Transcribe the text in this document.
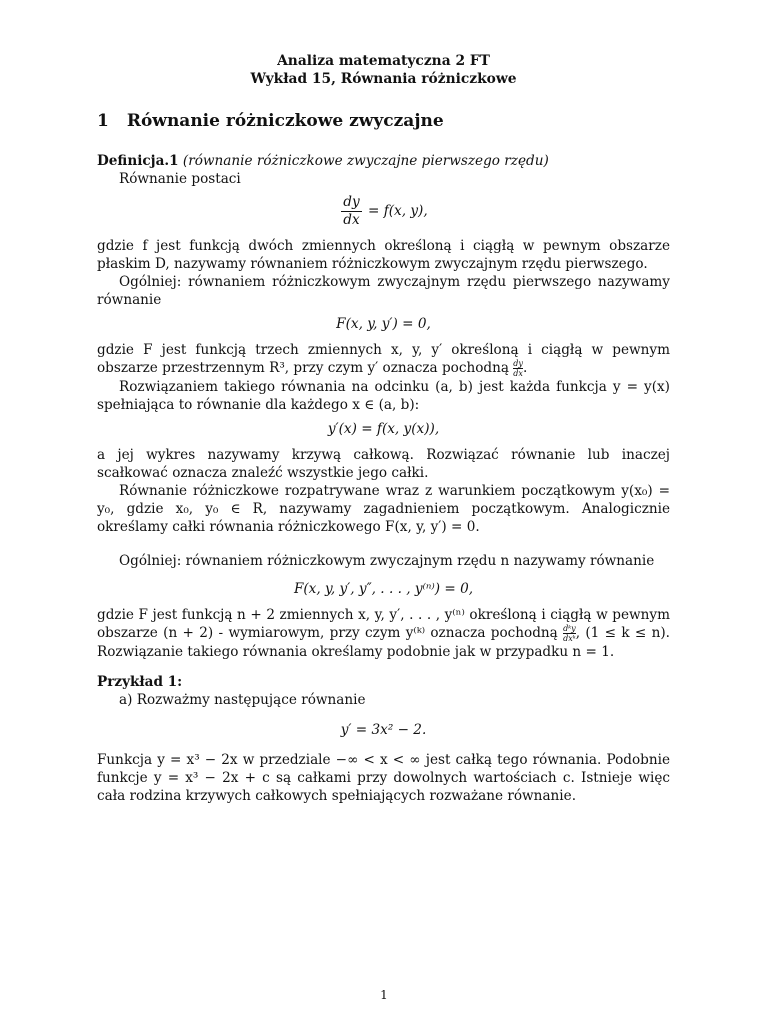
Analiza matematyczna 2 FT
Wykład 15, Równania różniczkowe
1 Równanie różniczkowe zwyczajne

Definicja.1 (równanie różniczkowe zwyczajne pierwszego rzędu)

Równanie postaci

$\frac{dy}{dx} = f(x$, y),

gdzie f jest funkcją dwóch zmiennych określoną i ciągłą w pewnym obszarze płaskim D, nazywamy równaniem różniczkowym zwyczajnym rzędu pierwszego.

Ogólniej: równaniem różniczkowym zwyczajnym rzędu pierwszego nazywamy równanie

F(x, y, y′) = 0,

gdzie F jest funkcją trzech zmiennych x, y, y′ określoną i ciągłą w pewnym obszarze przestrzennym R³, przy czym y′ oznacza pochodną $\frac{dy}{dx}$ .

Rozwiązaniem takiego równania na odcinku (a, b) jest każda funkcja y = y(x) spełniająca to równanie dla każdego x ∈ (a, b):

y′(x) = f(x, y(x)),

a jej wykres nazywamy krzywą całkową. Rozwiązać równanie lub inaczej scałkować oznacza znaleźć wszystkie jego całki.

Równanie różniczkowe rozpatrywane wraz z warunkiem początkowym y(x₀) = y₀, gdzie x₀, y₀ ∈ R, nazywamy zagadnieniem początkowym. Analogicznie określamy całki równania różniczkowego F(x, y, y′) = 0.

Ogólniej: równaniem różniczkowym zwyczajnym rzędu n nazywamy równanie

F(x, y, y′, y″, . . . , y⁽ⁿ⁾) = 0,

gdzie F jest funkcją n + 2 zmiennych x, y, y′, . . . , y⁽ⁿ⁾ określoną i ciągłą w pewnym obszarze (n + 2) - wymiarowym, przy czym y⁽ᵏ⁾ oznacza pochodną $\frac{\text{dᵏy}}{\text{dxᵏ}}$ , (1 ≤ k ≤ n). Rozwiązanie takiego równania określamy podobnie jak w przypadku n = 1.

Przykład 1:

a) Rozważmy następujące równanie

y′ = 3x² − 2.

Funkcja y = x³ − 2x w przedziale −∞ < x < ∞ jest całką tego równania. Podobnie funkcje y = x³ − 2x + c są całkami przy dowolnych wartościach c. Istnieje więc cała rodzina krzywych całkowych spełniających rozważane równanie.

1
